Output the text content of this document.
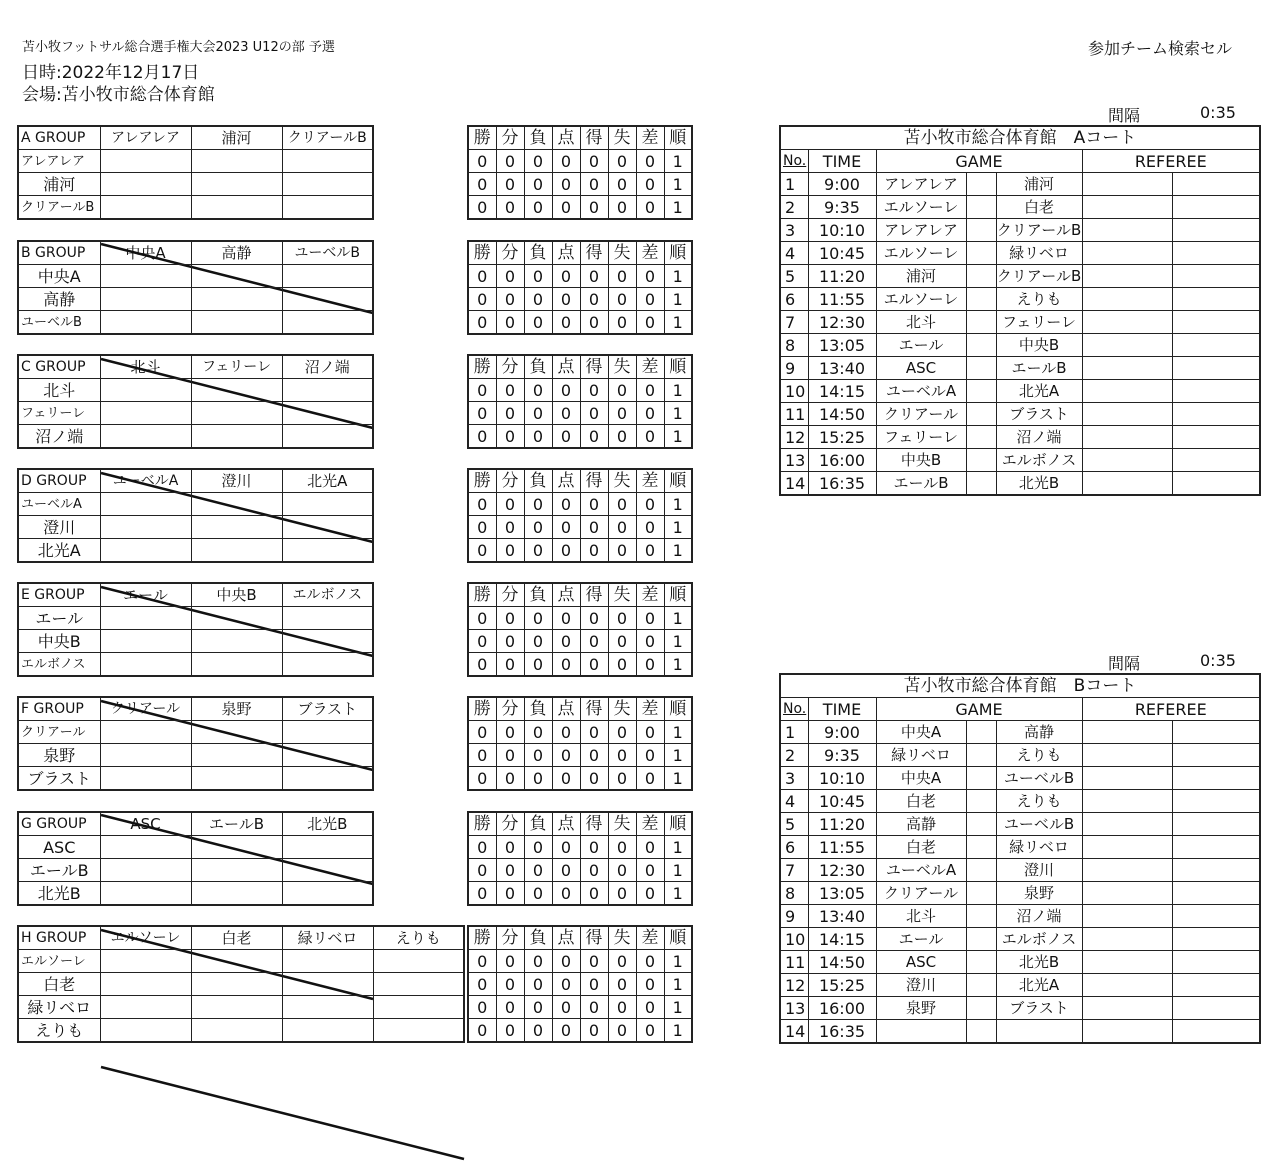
苫小牧フットサル総合選手権大会2023 U12の部 予選
日時:2022年12月17日
会場:苫小牧市総合体育館
参加チーム検索セル
A GROUP	アレアレア	浦河	クリアールB
アレアレア			
浦河			
クリアールB			
勝	分	負	点	得	失	差	順
0	0	0	0	0	0	0	1
0	0	0	0	0	0	0	1
0	0	0	0	0	0	0	1
B GROUP	中央A	高静	ユーベルB
中央A			
高静			
ユーベルB			
勝	分	負	点	得	失	差	順
0	0	0	0	0	0	0	1
0	0	0	0	0	0	0	1
0	0	0	0	0	0	0	1
C GROUP	北斗	フェリーレ	沼ノ端
北斗			
フェリーレ			
沼ノ端			
勝	分	負	点	得	失	差	順
0	0	0	0	0	0	0	1
0	0	0	0	0	0	0	1
0	0	0	0	0	0	0	1
D GROUP	ユーベルA	澄川	北光A
ユーベルA			
澄川			
北光A			
勝	分	負	点	得	失	差	順
0	0	0	0	0	0	0	1
0	0	0	0	0	0	0	1
0	0	0	0	0	0	0	1
E GROUP	エール	中央B	エルボノス
エール			
中央B			
エルボノス			
勝	分	負	点	得	失	差	順
0	0	0	0	0	0	0	1
0	0	0	0	0	0	0	1
0	0	0	0	0	0	0	1
F GROUP	クリアール	泉野	ブラスト
クリアール			
泉野			
ブラスト			
勝	分	負	点	得	失	差	順
0	0	0	0	0	0	0	1
0	0	0	0	0	0	0	1
0	0	0	0	0	0	0	1
G GROUP	ASC	エールB	北光B
ASC			
エールB			
北光B			
勝	分	負	点	得	失	差	順
0	0	0	0	0	0	0	1
0	0	0	0	0	0	0	1
0	0	0	0	0	0	0	1
H GROUP	エルソーレ	白老	緑リベロ	えりも
エルソーレ				
白老				
緑リベロ				
えりも				
勝	分	負	点	得	失	差	順
0	0	0	0	0	0	0	1
0	0	0	0	0	0	0	1
0	0	0	0	0	0	0	1
0	0	0	0	0	0	0	1
間隔	0:35
苫小牧市総合体育館　Aコート						
No.	TIME	GAME			REFEREE	
1	9:00	アレアレア		浦河		
2	9:35	エルソーレ		白老		
3	10:10	アレアレア		クリアールB		
4	10:45	エルソーレ		緑リベロ		
5	11:20	浦河		クリアールB		
6	11:55	エルソーレ		えりも		
7	12:30	北斗		フェリーレ		
8	13:05	エール		中央B		
9	13:40	ASC		エールB		
10	14:15	ユーベルA		北光A		
11	14:50	クリアール		ブラスト		
12	15:25	フェリーレ		沼ノ端		
13	16:00	中央B		エルボノス		
14	16:35	エールB		北光B		
間隔	0:35
苫小牧市総合体育館　Bコート						
No.	TIME	GAME			REFEREE	
1	9:00	中央A		高静		
2	9:35	緑リベロ		えりも		
3	10:10	中央A		ユーベルB		
4	10:45	白老		えりも		
5	11:20	高静		ユーベルB		
6	11:55	白老		緑リベロ		
7	12:30	ユーベルA		澄川		
8	13:05	クリアール		泉野		
9	13:40	北斗		沼ノ端		
10	14:15	エール		エルボノス		
11	14:50	ASC		北光B		
12	15:25	澄川		北光A		
13	16:00	泉野		ブラスト		
14	16:35					
